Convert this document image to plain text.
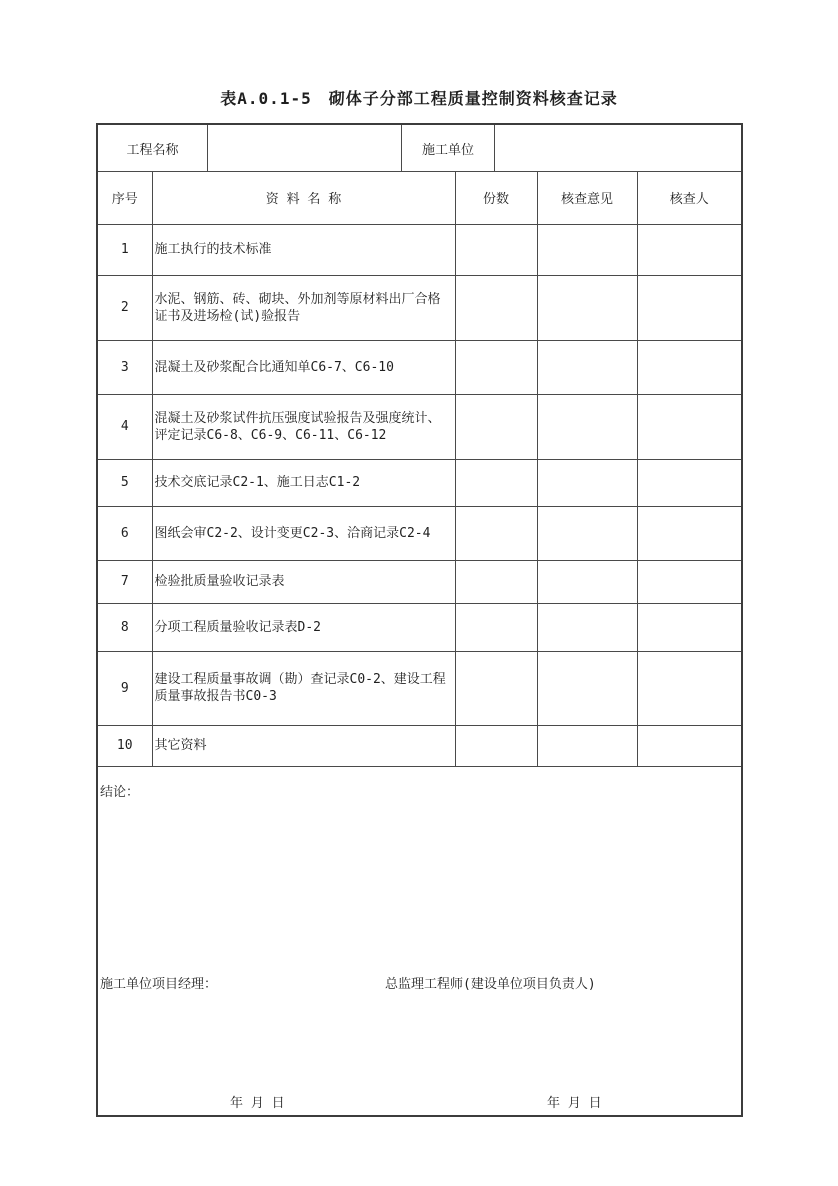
表A.0.1-5　砌体子分部工程质量控制资料核查记录
工程名称	施工单位
序号	资 料 名 称	份数	核查意见	核查人
1	施工执行的技术标准			
2	水泥、钢筋、砖、砌块、外加剂等原材料出厂合格证书及进场检(试)验报告			
3	混凝土及砂浆配合比通知单C6-7、C6-10			
4	混凝土及砂浆试件抗压强度试验报告及强度统计、评定记录C6-8、C6-9、C6-11、C6-12			
5	技术交底记录C2-1、施工日志C1-2			
6	图纸会审C2-2、设计变更C2-3、洽商记录C2-4			
7	检验批质量验收记录表			
8	分项工程质量验收记录表D-2			
9	建设工程质量事故调（勘）查记录C0-2、建设工程质量事故报告书C0-3			
10	其它资料			
结论：
施工单位项目经理：	总监理工程师(建设单位项目负责人)
年 月 日	年 月 日
